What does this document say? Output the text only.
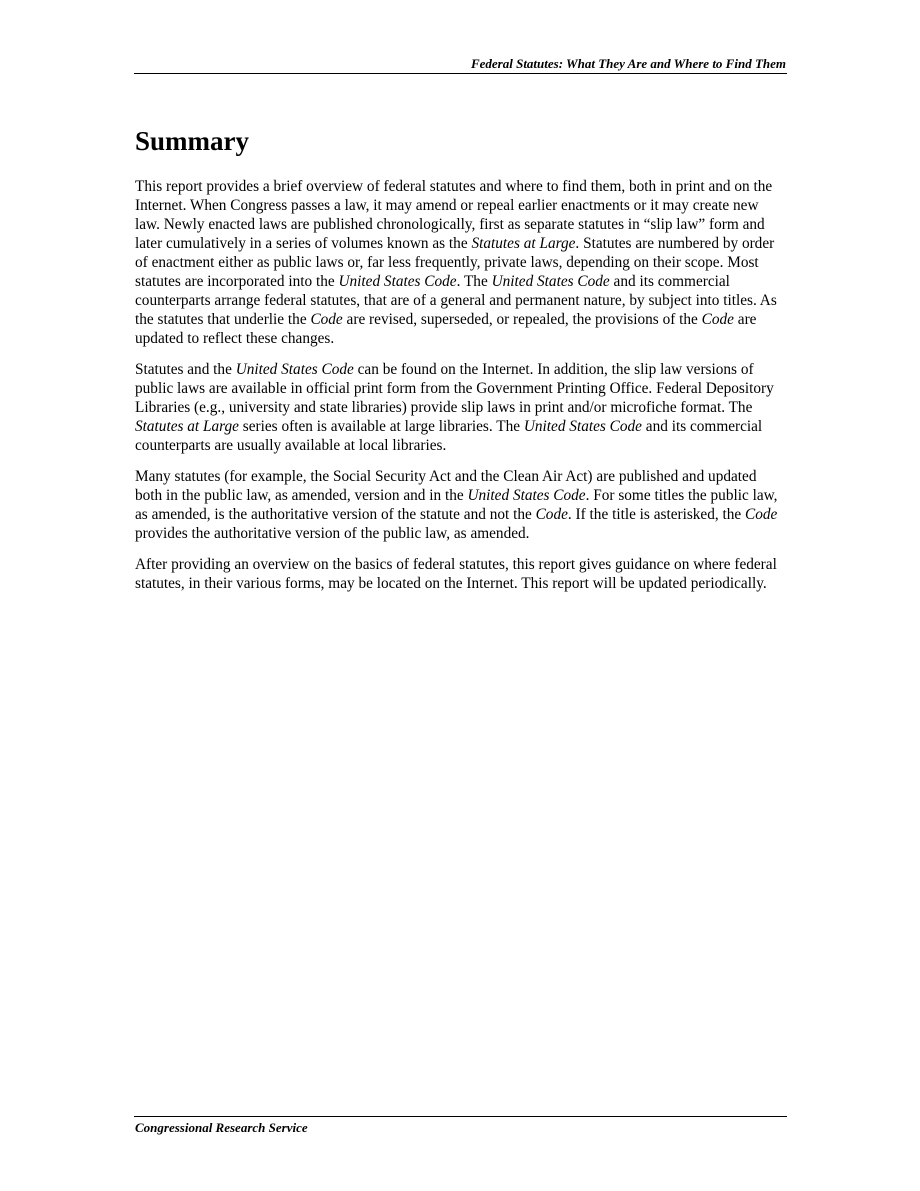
Federal Statutes: What They Are and Where to Find Them
Summary

This report provides a brief overview of federal statutes and where to find them, both in print and on the Internet. When Congress passes a law, it may amend or repeal earlier enactments or it may create new law. Newly enacted laws are published chronologically, first as separate statutes in “slip law” form and later cumulatively in a series of volumes known as the Statutes at Large. Statutes are numbered by order of enactment either as public laws or, far less frequently, private laws, depending on their scope. Most statutes are incorporated into the United States Code. The United States Code and its commercial counterparts arrange federal statutes, that are of a general and permanent nature, by subject into titles. As the statutes that underlie the Code are revised, superseded, or repealed, the provisions of the Code are updated to reflect these changes.

Statutes and the United States Code can be found on the Internet. In addition, the slip law versions of public laws are available in official print form from the Government Printing Office. Federal Depository Libraries (e.g., university and state libraries) provide slip laws in print and/or microfiche format. The Statutes at Large series often is available at large libraries. The United States Code and its commercial counterparts are usually available at local libraries.

Many statutes (for example, the Social Security Act and the Clean Air Act) are published and updated both in the public law, as amended, version and in the United States Code. For some titles the public law, as amended, is the authoritative version of the statute and not the Code. If the title is asterisked, the Code provides the authoritative version of the public law, as amended.

After providing an overview on the basics of federal statutes, this report gives guidance on where federal statutes, in their various forms, may be located on the Internet. This report will be updated periodically.

Congressional Research Service
